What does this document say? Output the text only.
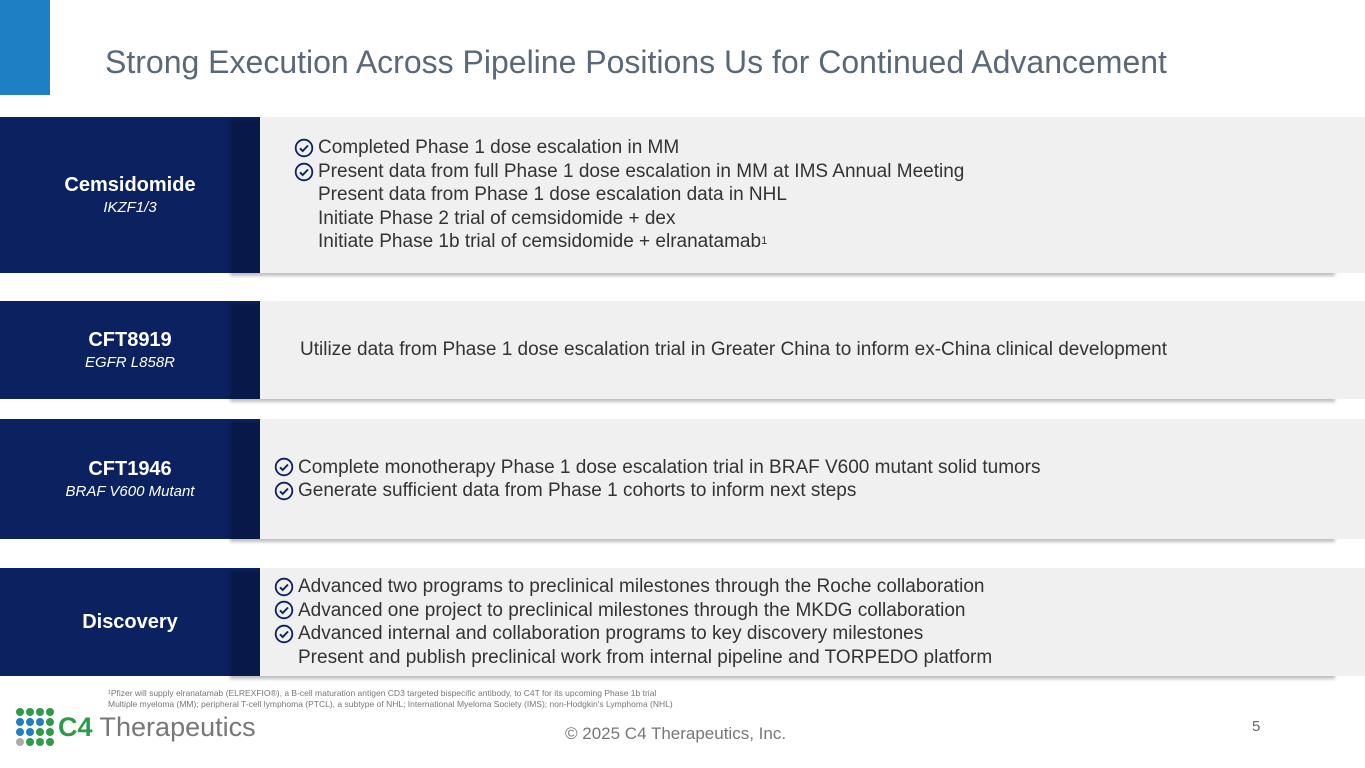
Strong Execution Across Pipeline Positions Us for Continued Advancement
Cemsidomide
IKZF1/3
Completed Phase 1 dose escalation in MM
Present data from full Phase 1 dose escalation in MM at IMS Annual Meeting
Present data from Phase 1 dose escalation data in NHL
Initiate Phase 2 trial of cemsidomide + dex
Initiate Phase 1b trial of cemsidomide + elranatamab 1
CFT8919
EGFR L858R
Utilize data from Phase 1 dose escalation trial in Greater China to inform ex-China clinical development
CFT1946
BRAF V600 Mutant
Complete monotherapy Phase 1 dose escalation trial in BRAF V600 mutant solid tumors
Generate sufficient data from Phase 1 cohorts to inform next steps
Discovery
Advanced two programs to preclinical milestones through the Roche collaboration
Advanced one project to preclinical milestones through the MKDG collaboration
Advanced internal and collaboration programs to key discovery milestones
Present and publish preclinical work from internal pipeline and TORPEDO platform
¹Pfizer will supply elranatamab (ELREXFIO®), a B-cell maturation antigen CD3 targeted bispecific antibody, to C4T for its upcoming Phase 1b trial
Multiple myeloma (MM); peripheral T-cell lymphoma (PTCL), a subtype of NHL; International Myeloma Society (IMS); non-Hodgkin's Lymphoma (NHL)
C4 Therapeutics	© 2025 C4 Therapeutics, Inc.	5
